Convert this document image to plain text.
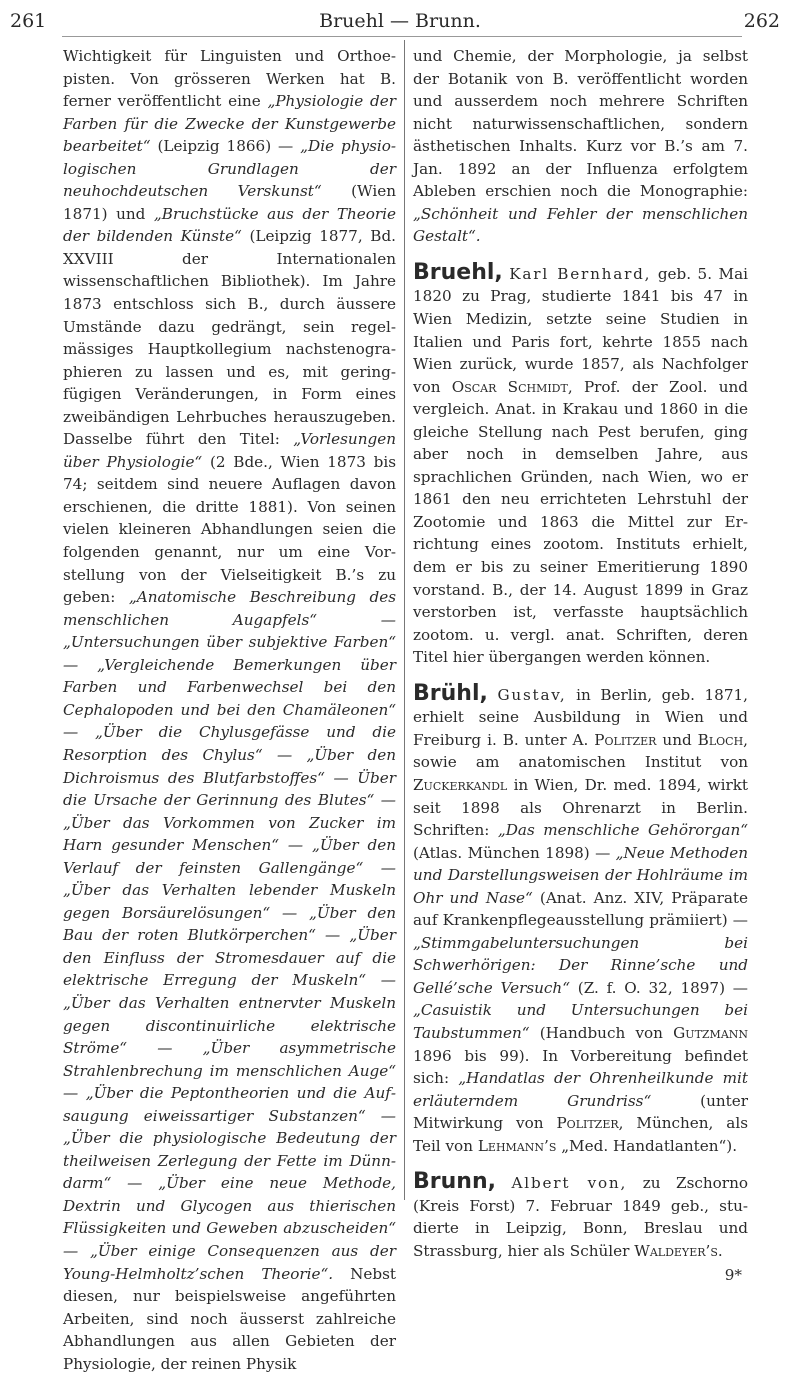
261	Bruehl — Brunn.	262

Wichtigkeit für Linguisten und Orthoepisten. Von grösseren Werken hat B. ferner veröffentlicht eine „Physiologie der Farben für die Zwecke der Kunstgewerbe bearbeitet“ (Leipzig 1866) — „Die physiologischen Grundlagen der neuhochdeutschen Verskunst“ (Wien 1871) und „Bruchstücke aus der Theorie der bildenden Künste“ (Leipzig 1877, Bd. XXVIII der Internationalen wissenschaftlichen Bibliothek). Im Jahre 1873 entschloss sich B., durch äussere Umstände dazu gedrängt, sein regelmässiges Hauptkollegium nachstenographieren zu lassen und es, mit geringfügigen Veränderungen, in Form eines zweibändigen Lehrbuches herauszugeben. Dasselbe führt den Titel: „Vorlesungen über Physiologie“ (2 Bde., Wien 1873 bis 74; seitdem sind neuere Auflagen davon erschienen, die dritte 1881). Von seinen vielen kleineren Abhandlungen seien die folgenden genannt, nur um eine Vorstellung von der Vielseitigkeit B.’s zu geben: „Anatomische Beschreibung des menschlichen Augapfels“ — „Untersuchungen über subjektive Farben“ — „Vergleichende Bemerkungen über Farben und Farbenwechsel bei den Cephalopoden und bei den Chamäleonen“ — „Über die Chylusgefässe und die Resorption des Chylus“ — „Über den Dichroismus des Blutfarbstoffes“ — Über die Ursache der Gerinnung des Blutes“ — „Über das Vorkommen von Zucker im Harn gesunder Menschen“ — „Über den Verlauf der feinsten Gallengänge“ — „Über das Verhalten lebender Muskeln gegen Borsäurelösungen“ — „Über den Bau der roten Blutkörperchen“ — „Über den Einfluss der Stromesdauer auf die elektrische Erregung der Muskeln“ — „Über das Verhalten entnervter Muskeln gegen discontinuirliche elektrische Ströme“ — „Über asymmetrische Strahlenbrechung im menschlichen Auge“ — „Über die Peptontheorien und die Aufsaugung eiweissartiger Substanzen“ — „Über die physiologische Bedeutung der theilweisen Zerlegung der Fette im Dünndarm“ — „Über eine neue Methode, Dextrin und Glycogen aus thierischen Flüssigkeiten und Geweben abzuscheiden“ — „Über einige Consequenzen aus der Young-Helmholtz’schen Theorie“. Nebst diesen, nur beispielsweise angeführten Arbeiten, sind noch äusserst zahlreiche Abhandlungen aus allen Gebieten der Physiologie, der reinen Physik

und Chemie, der Morphologie, ja selbst der Botanik von B. veröffentlicht worden und ausserdem noch mehrere Schriften nicht naturwissenschaftlichen, sondern ästhetischen Inhalts. Kurz vor B.’s am 7. Jan. 1892 an der Influenza erfolgtem Ableben erschien noch die Monographie: „Schönheit und Fehler der menschlichen Gestalt“.

Bruehl, Karl Bernhard, geb. 5. Mai 1820 zu Prag, studierte 1841 bis 47 in Wien Medizin, setzte seine Studien in Italien und Paris fort, kehrte 1855 nach Wien zurück, wurde 1857, als Nachfolger von Oscar Schmidt, Prof. der Zool. und vergleich. Anat. in Krakau und 1860 in die gleiche Stellung nach Pest berufen, ging aber noch in demselben Jahre, aus sprachlichen Gründen, nach Wien, wo er 1861 den neu errichteten Lehrstuhl der Zootomie und 1863 die Mittel zur Errichtung eines zootom. Instituts erhielt, dem er bis zu seiner Emeritierung 1890 vorstand. B., der 14. August 1899 in Graz verstorben ist, verfasste hauptsächlich zootom. u. vergl. anat. Schriften, deren Titel hier übergangen werden können.

Brühl, Gustav, in Berlin, geb. 1871, erhielt seine Ausbildung in Wien und Freiburg i. B. unter A. Politzer und Bloch, sowie am anatomischen Institut von Zuckerkandl in Wien, Dr. med. 1894, wirkt seit 1898 als Ohrenarzt in Berlin. Schriften: „Das menschliche Gehörorgan“ (Atlas. München 1898) — „Neue Methoden und Darstellungsweisen der Hohlräume im Ohr und Nase“ (Anat. Anz. XIV, Präparate auf Krankenpflegeausstellung prämiiert) — „Stimmgabeluntersuchungen bei Schwerhörigen: Der Rinne’sche und Gellé’sche Versuch“ (Z. f. O. 32, 1897) — „Casuistik und Untersuchungen bei Taubstummen“ (Handbuch von Gutzmann 1896 bis 99). In Vorbereitung befindet sich: „Handatlas der Ohrenheilkunde mit erläuterndem Grundriss“	(unter Mitwirkung von Politzer, München, als Teil von Lehmann’s „Med. Handatlanten“).

Brunn, Albert von, zu Zschorno (Kreis Forst) 7. Februar 1849 geb., studierte in Leipzig, Bonn, Breslau und Strassburg, hier als Schüler Waldeyer’s.

9*
